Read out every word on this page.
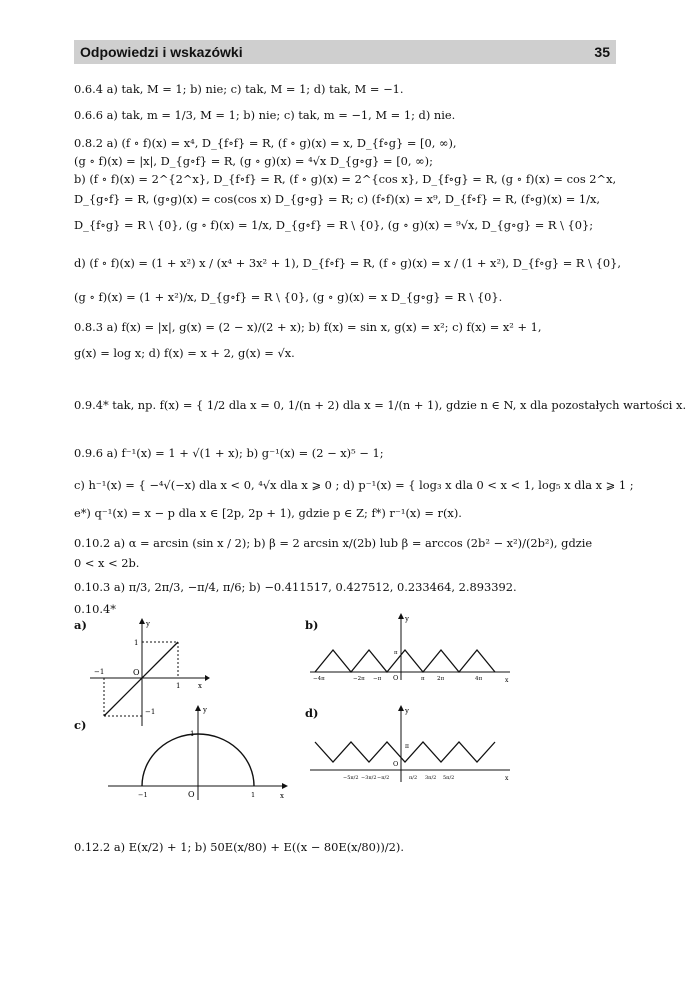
Odpowiedzi i wskazówki	35
0.6.4 a) tak, M = 1; b) nie; c) tak, M = 1; d) tak, M = −1.
0.6.6 a) tak, m = 1/3, M = 1; b) nie; c) tak, m = −1, M = 1; d) nie.
0.8.2 a) (f ∘ f)(x) = x⁴, D_{f∘f} = R, (f ∘ g)(x) = x, D_{f∘g} = [0, ∞),
(g ∘ f)(x) = |x|, D_{g∘f} = R, (g ∘ g)(x) = ⁴√x D_{g∘g} = [0, ∞);
b) (f ∘ f)(x) = 2^{2^x}, D_{f∘f} = R, (f ∘ g)(x) = 2^{cos x}, D_{f∘g} = R, (g ∘ f)(x) = cos 2^x,
D_{g∘f} = R, (g∘g)(x) = cos(cos x) D_{g∘g} = R; c) (f∘f)(x) = x⁹, D_{f∘f} = R, (f∘g)(x) = 1/x,
D_{f∘g} = R \ {0}, (g ∘ f)(x) = 1/x, D_{g∘f} = R \ {0}, (g ∘ g)(x) = ⁹√x, D_{g∘g} = R \ {0};
d) (f ∘ f)(x) = (1 + x²) x / (x⁴ + 3x² + 1), D_{f∘f} = R, (f ∘ g)(x) = x / (1 + x²), D_{f∘g} = R \ {0},
(g ∘ f)(x) = (1 + x²)/x, D_{g∘f} = R \ {0}, (g ∘ g)(x) = x D_{g∘g} = R \ {0}.
0.8.3 a) f(x) = |x|, g(x) = (2 − x)/(2 + x); b) f(x) = sin x, g(x) = x²; c) f(x) = x² + 1,
g(x) = log x; d) f(x) = x + 2, g(x) = √x.
0.9.4* tak, np. f(x) = { 1/2 dla x = 0, 1/(n + 2) dla x = 1/(n + 1), gdzie n ∈ N, x dla pozostałych wartości x.
0.9.6 a) f⁻¹(x) = 1 + √(1 + x); b) g⁻¹(x) = (2 − x)⁵ − 1;
c) h⁻¹(x) = { −⁴√(−x) dla x < 0, ⁴√x dla x ⩾ 0 ; d) p⁻¹(x) = { log₃ x dla 0 < x < 1, log₅ x dla x ⩾ 1 ;
e*) q⁻¹(x) = x − p dla x ∈ [2p, 2p + 1), gdzie p ∈ Z; f*) r⁻¹(x) = r(x).
0.10.2 a) α = arcsin (sin x / 2); b) β = 2 arcsin x/(2b) lub β = arccos (2b² − x²)/(2b²), gdzie
0 < x < 2b.
0.10.3 a) π/3, 2π/3, −π/4, π/6; b) −0.411517, 0.427512, 0.233464, 2.893392.
0.10.4*
a)	y
x
1
−1	O
1
−1
b)	y
x
−4π	−2π −π O	π 2π	4π
π
c)
y
x
1
−1	O	1
d)	y
x
π
O
−5π/2 −3π/2 −π/2	π/2 3π/2 5π/2
0.12.2 a) E(x/2) + 1; b) 50E(x/80) + E((x − 80E(x/80))/2).
